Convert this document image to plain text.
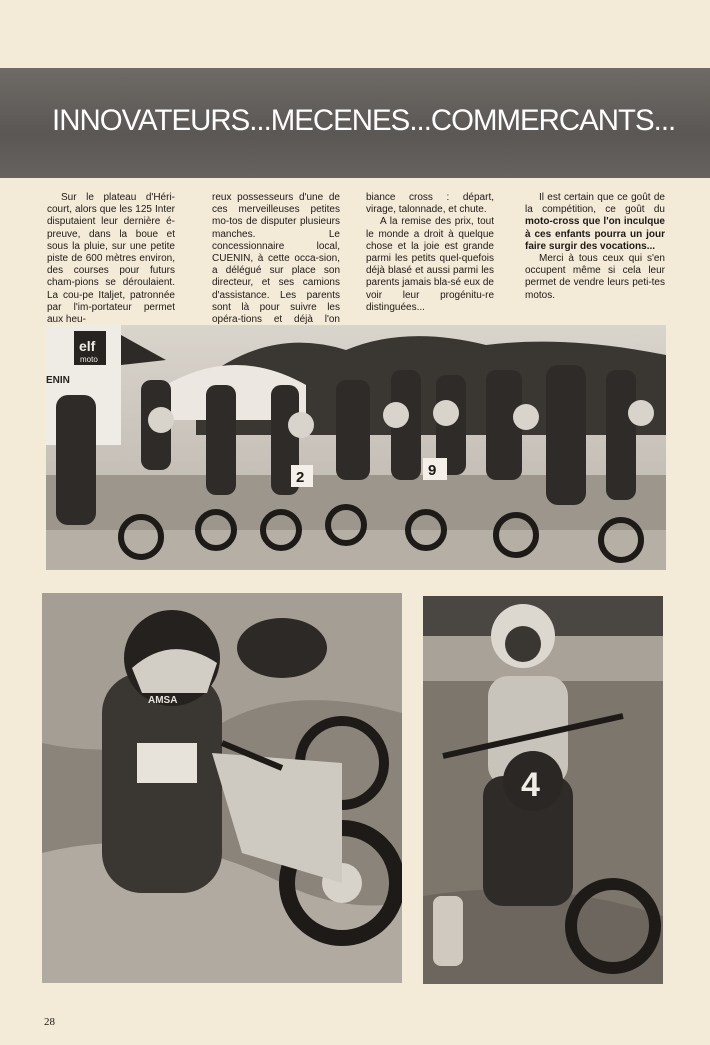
INNOVATEURS...MECENES...COMMERCANTS...

Sur le plateau d'Héri-court, alors que les 125 Inter disputaient leur dernière é-preuve, dans la boue et sous la pluie, sur une petite piste de 600 mètres environ, des courses pour futurs cham-pions se déroulaient. La cou-pe Italjet, patronnée par l'im-portateur permet aux heu-

reux possesseurs d'une de ces merveilleuses petites mo-tos de disputer plusieurs manches. Le concessionnaire local, CUENIN, à cette occa-sion, a délégué sur place son directeur, et ses camions d'assistance. Les parents sont là pour suivre les opéra-tions et déjà l'on

biance cross : départ, virage, talonnade, et chute.

A la remise des prix, tout le monde a droit à quelque chose et la joie est grande parmi les petits quel-quefois déjà blasé et aussi parmi les parents jamais bla-sé eux de voir leur progénitu-re distinguées...

Il est certain que ce goût de la compétition, ce goût du moto-cross que l'on inculque à ces enfants pourra un jour faire surgir des vocations...

Merci à tous ceux qui s'en occupent même si cela leur permet de vendre leurs peti-tes motos.

elf
moto
ENIN
2	9
AMSA
4
28
